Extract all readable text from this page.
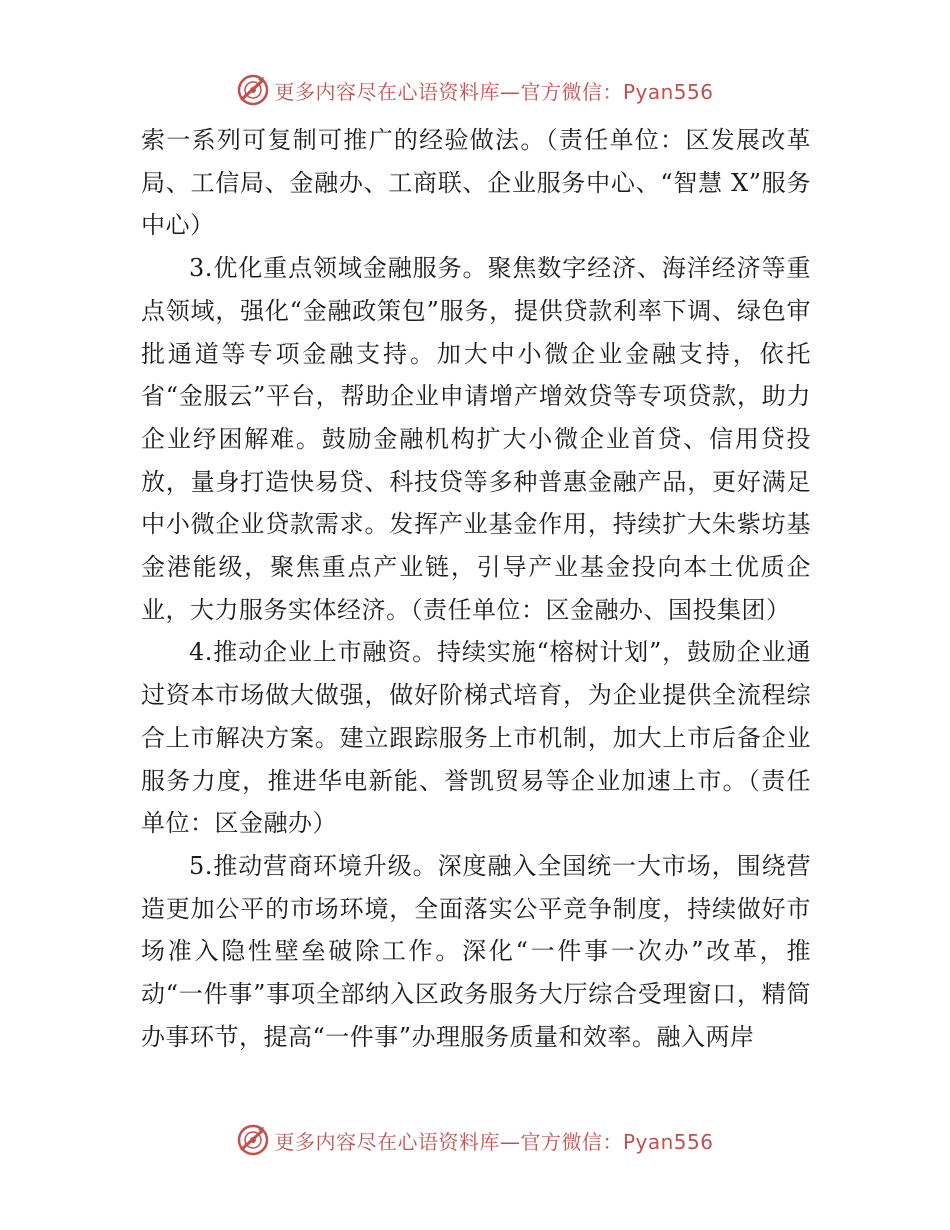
更多内容尽在心语资料库—官方微信：Pyan556

索一系列可复制可推广的经验做法。（责任单位：区发展改革局、工信局、金融办、工商联、企业服务中心、“智慧 X”服务中心）

3.优化重点领域金融服务。聚焦数字经济、海洋经济等重点领域，强化“金融政策包”服务，提供贷款利率下调、绿色审批通道等专项金融支持。加大中小微企业金融支持，依托省“金服云”平台，帮助企业申请增产增效贷等专项贷款，助力企业纾困解难。鼓励金融机构扩大小微企业首贷、信用贷投放，量身打造快易贷、科技贷等多种普惠金融产品，更好满足中小微企业贷款需求。发挥产业基金作用，持续扩大朱紫坊基金港能级，聚焦重点产业链，引导产业基金投向本土优质企业，大力服务实体经济。（责任单位：区金融办、国投集团）

4.推动企业上市融资。持续实施“榕树计划”，鼓励企业通过资本市场做大做强，做好阶梯式培育，为企业提供全流程综合上市解决方案。建立跟踪服务上市机制，加大上市后备企业服务力度，推进华电新能、誉凯贸易等企业加速上市。（责任单位：区金融办）

5.推动营商环境升级。深度融入全国统一大市场，围绕营造更加公平的市场环境，全面落实公平竞争制度，持续做好市场准入隐性壁垒破除工作。深化“一件事一次办”改革，推动“一件事”事项全部纳入区政务服务大厅综合受理窗口，精简办事环节，提高“一件事”办理服务质量和效率。融入两岸

更多内容尽在心语资料库—官方微信：Pyan556
